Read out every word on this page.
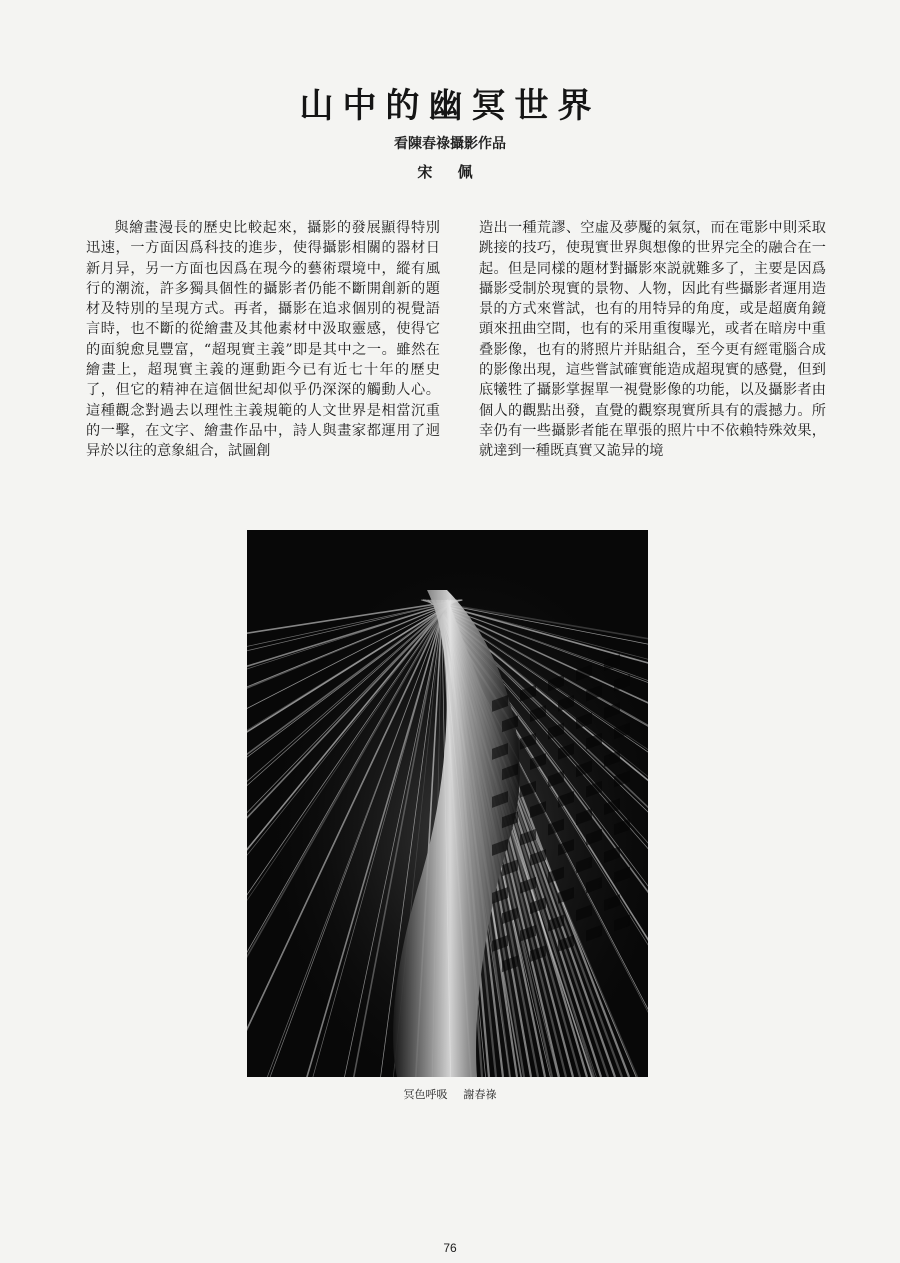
山中的幽冥世界
看陳春祿攝影作品
宋 佩

與繪畫漫長的歷史比較起來，攝影的發展顯得特別迅速，一方面因爲科技的進步，使得攝影相關的器材日新月异，另一方面也因爲在現今的藝術環境中，縱有風行的潮流，許多獨具個性的攝影者仍能不斷開創新的題材及特別的呈現方式。再者，攝影在追求個別的視覺語言時，也不斷的從繪畫及其他素材中汲取靈感，使得它的面貌愈見豐富，“超現實主義”即是其中之一。雖然在繪畫上，超現實主義的運動距今已有近七十年的歷史了，但它的精神在這個世紀却似乎仍深深的觸動人心。這種觀念對過去以理性主義規範的人文世界是相當沉重的一擊，在文字、繪畫作品中，詩人與畫家都運用了迥异於以往的意象組合，試圖創

造出一種荒謬、空虛及夢魘的氣氛，而在電影中則采取跳接的技巧，使現實世界與想像的世界完全的融合在一起。但是同樣的題材對攝影來説就難多了，主要是因爲攝影受制於現實的景物、人物，因此有些攝影者運用造景的方式來嘗試，也有的用特异的角度，或是超廣角鏡頭來扭曲空間，也有的采用重復曝光，或者在暗房中重叠影像，也有的將照片并貼組合，至今更有經電腦合成的影像出現，這些嘗試確實能造成超現實的感覺，但到底犧牲了攝影掌握單一視覺影像的功能，以及攝影者由個人的觀點出發，直覺的觀察現實所具有的震撼力。所幸仍有一些攝影者能在單張的照片中不依賴特殊效果，就達到一種既真實又詭异的境

冥色呼吸 謝春祿
76
